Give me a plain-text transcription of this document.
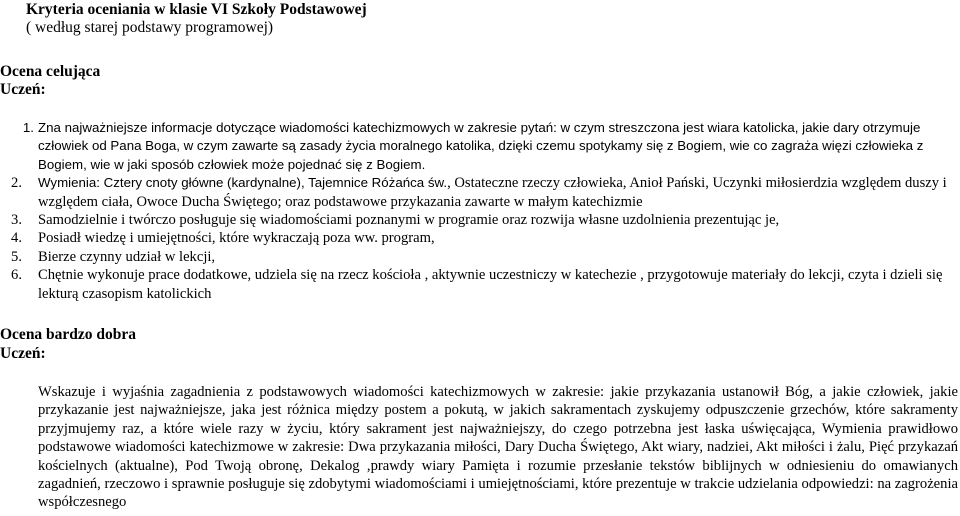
Kryteria oceniania w klasie VI Szkoły Podstawowej
( według starej podstawy programowej)
Ocena celująca
Uczeń:
1. Zna najważniejsze informacje dotyczące wiadomości katechizmowych w zakresie pytań: w czym streszczona jest wiara katolicka, jakie dary otrzymuje człowiek od Pana Boga, w czym zawarte są zasady życia moralnego katolika, dzięki czemu spotykamy się z Bogiem, wie co zagraża więzi człowieka z Bogiem, wie w jaki sposób człowiek może pojednać się z Bogiem.
2. Wymienia: Cztery cnoty główne (kardynalne), Tajemnice Różańca św., Ostateczne rzeczy człowieka, Anioł Pański, Uczynki miłosierdzia względem duszy i względem ciała, Owoce Ducha Świętego; oraz podstawowe przykazania zawarte w małym katechizmie
3. Samodzielnie i twórczo posługuje się wiadomościami poznanymi w programie oraz rozwija własne uzdolnienia prezentując je,
4. Posiadł wiedzę i umiejętności, które wykraczają poza ww. program,
5. Bierze czynny udział w lekcji,
6. Chętnie wykonuje prace dodatkowe, udziela się na rzecz kościoła , aktywnie uczestniczy w katechezie , przygotowuje materiały do lekcji, czyta i dzieli się lekturą czasopism katolickich
Ocena bardzo dobra
Uczeń:
Wskazuje i wyjaśnia zagadnienia z podstawowych wiadomości katechizmowych w zakresie: jakie przykazania ustanowił Bóg, a jakie człowiek, jakie przykazanie jest najważniejsze, jaka jest różnica między postem a pokutą, w jakich sakramentach zyskujemy odpuszczenie grzechów, które sakramenty przyjmujemy raz, a które wiele razy w życiu, który sakrament jest najważniejszy, do czego potrzebna jest łaska uświęcająca, Wymienia prawidłowo podstawowe wiadomości katechizmowe w zakresie: Dwa przykazania miłości, Dary Ducha Świętego, Akt wiary, nadziei, Akt miłości i żalu, Pięć przykazań kościelnych (aktualne), Pod Twoją obronę, Dekalog ,prawdy wiary Pamięta i rozumie przesłanie tekstów biblijnych w odniesieniu do omawianych zagadnień, rzeczowo i sprawnie posługuje się zdobytymi wiadomościami i umiejętnościami, które prezentuje w trakcie udzielania odpowiedzi: na zagrożenia współczesnego
